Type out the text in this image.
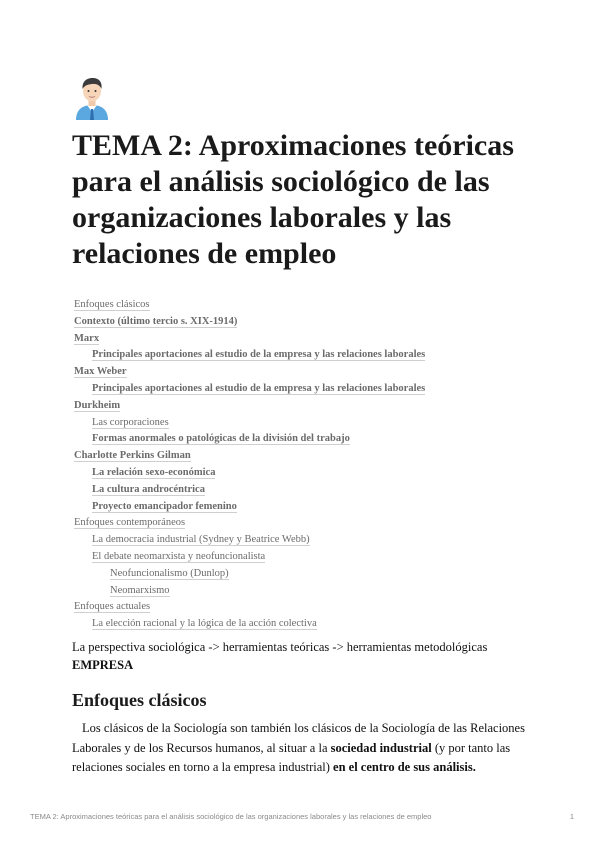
TEMA 2: Aproximaciones teóricas para el análisis sociológico de las organizaciones laborales y las relaciones de empleo
Enfoques clásicos
Contexto (último tercio s. XIX-1914)
Marx
Principales aportaciones al estudio de la empresa y las relaciones laborales
Max Weber
Principales aportaciones al estudio de la empresa y las relaciones laborales
Durkheim
Las corporaciones
Formas anormales o patológicas de la división del trabajo
Charlotte Perkins Gilman
La relación sexo-económica
La cultura androcéntrica
Proyecto emancipador femenino
Enfoques contemporáneos
La democracia industrial (Sydney y Beatrice Webb)
El debate neomarxista y neofuncionalista
Neofuncionalismo (Dunlop)
Neomarxismo
Enfoques actuales
La elección racional y la lógica de la acción colectiva
La perspectiva sociológica -> herramientas teóricas -> herramientas metodológicas
EMPRESA
Enfoques clásicos

Los clásicos de la Sociología son también los clásicos de la Sociología de las Relaciones Laborales y de los Recursos humanos, al situar a la sociedad industrial (y por tanto las relaciones sociales en torno a la empresa industrial) en el centro de sus análisis.

TEMA 2: Aproximaciones teóricas para el análisis sociológico de las organizaciones laborales y las relaciones de empleo	1
